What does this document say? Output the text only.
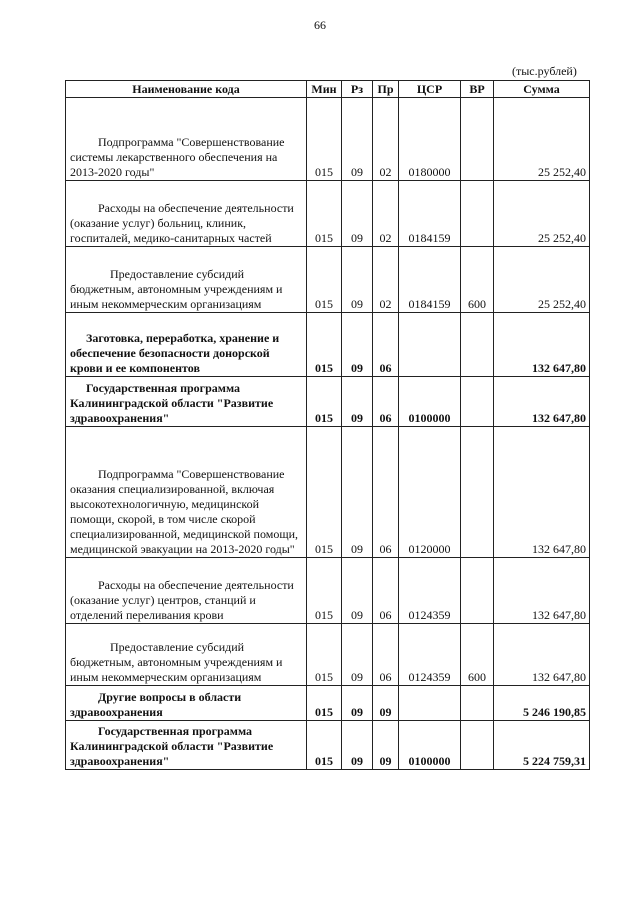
66
(тыс.рублей)
Наименование кода	Мин	Рз	Пр	ЦСР	ВР	Сумма
Подпрограмма "Совершенствование системы лекарственного обеспечения на 2013-2020 годы"	015	09	02	0180000		25 252,40
Расходы на обеспечение деятельности (оказание услуг) больниц, клиник, госпиталей, медико-санитарных частей	015	09	02	0184159		25 252,40
Предоставление субсидий бюджетным, автономным учреждениям и иным некоммерческим организациям	015	09	02	0184159	600	25 252,40
Заготовка, переработка, хранение и обеспечение безопасности донорской крови и ее компонентов	015	09	06			132 647,80
Государственная программа Калининградской области "Развитие здравоохранения"	015	09	06	0100000		132 647,80
Подпрограмма "Совершенствование оказания специализированной, включая высокотехнологичную, медицинской помощи, скорой, в том числе скорой специализированной, медицинской помощи, медицинской эвакуации на 2013-2020 годы"	015	09	06	0120000		132 647,80
Расходы на обеспечение деятельности (оказание услуг) центров, станций и отделений переливания крови	015	09	06	0124359		132 647,80
Предоставление субсидий бюджетным, автономным учреждениям и иным некоммерческим организациям	015	09	06	0124359	600	132 647,80
Другие вопросы в области здравоохранения	015	09	09			5 246 190,85
Государственная программа Калининградской области "Развитие здравоохранения"	015	09	09	0100000		5 224 759,31
